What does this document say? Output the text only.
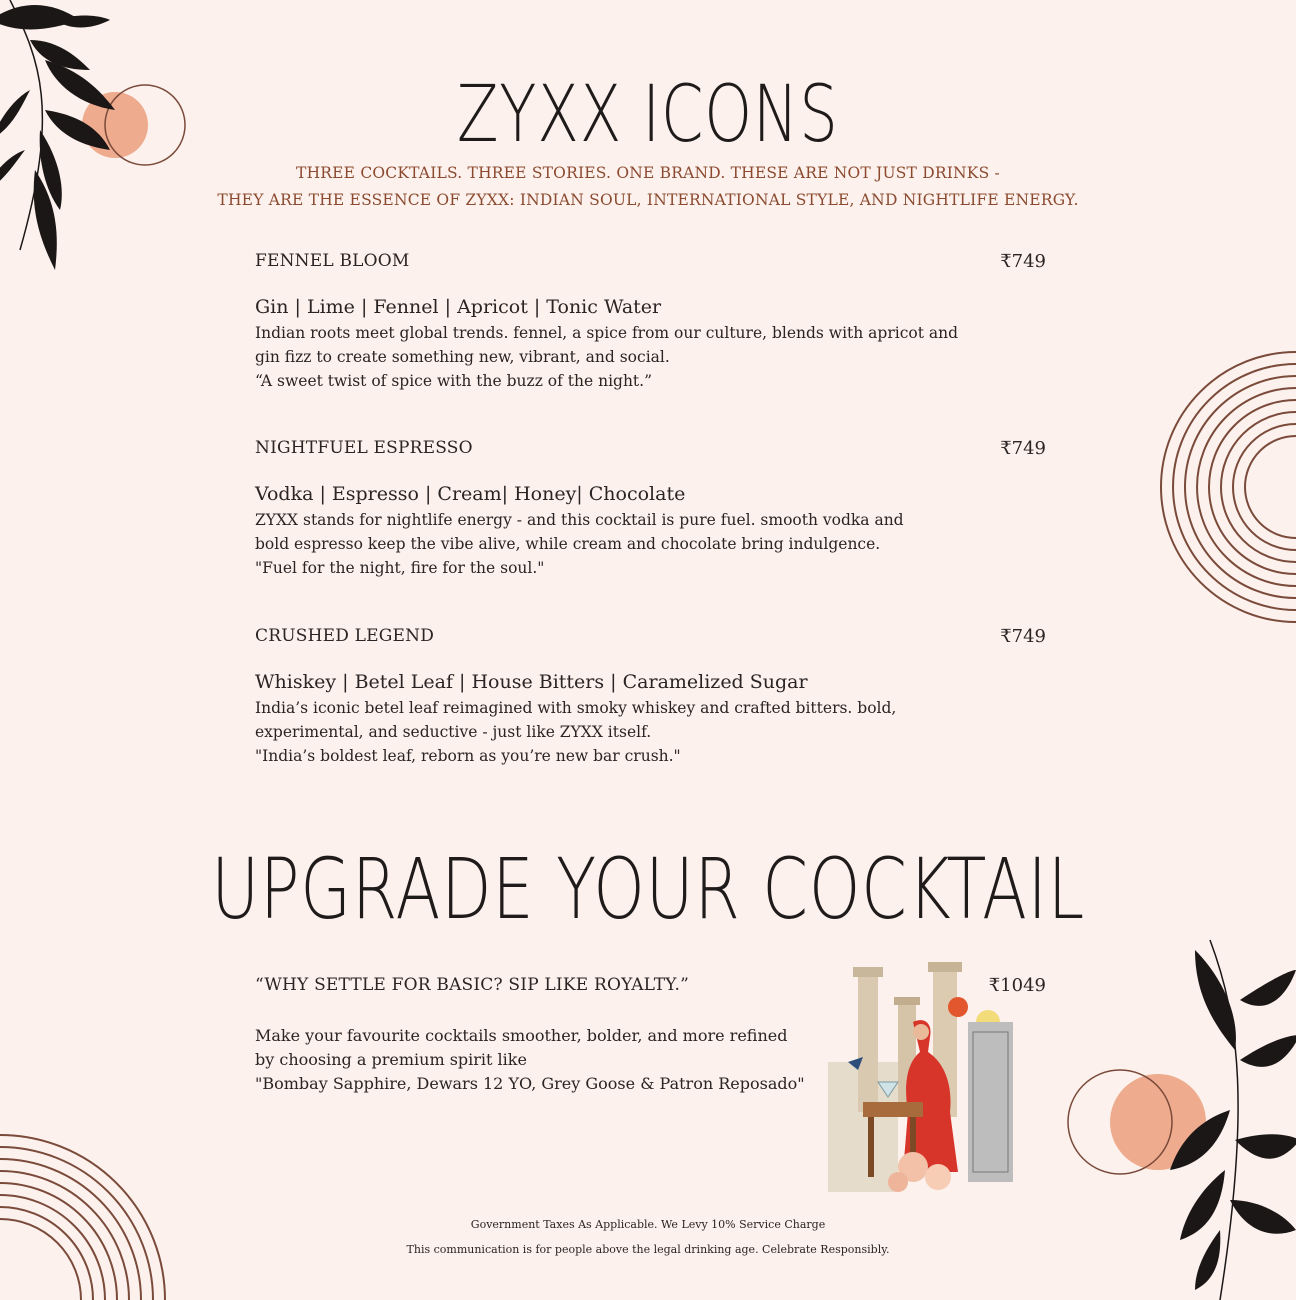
ZYXX ICONS
THREE COCKTAILS. THREE STORIES. ONE BRAND. THESE ARE NOT JUST DRINKS -
THEY ARE THE ESSENCE OF ZYXX: INDIAN SOUL, INTERNATIONAL STYLE, AND NIGHTLIFE ENERGY.
FENNEL BLOOM	₹749
Gin | Lime | Fennel | Apricot | Tonic Water
Indian roots meet global trends. fennel, a spice from our culture, blends with apricot and
gin fizz to create something new, vibrant, and social.
“A sweet twist of spice with the buzz of the night.”
NIGHTFUEL ESPRESSO	₹749
Vodka | Espresso | Cream| Honey| Chocolate
ZYXX stands for nightlife energy - and this cocktail is pure fuel. smooth vodka and
bold espresso keep the vibe alive, while cream and chocolate bring indulgence.
"Fuel for the night, fire for the soul."
CRUSHED LEGEND	₹749
Whiskey | Betel Leaf | House Bitters | Caramelized Sugar
India’s iconic betel leaf reimagined with smoky whiskey and crafted bitters. bold,
experimental, and seductive - just like ZYXX itself.
"India’s boldest leaf, reborn as you’re new bar crush."
UPGRADE YOUR COCKTAIL
“WHY SETTLE FOR BASIC? SIP LIKE ROYALTY.”	₹1049
Make your favourite cocktails smoother, bolder, and more refined
by choosing a premium spirit like
"Bombay Sapphire, Dewars 12 YO, Grey Goose & Patron Reposado"
Government Taxes As Applicable. We Levy 10% Service Charge
This communication is for people above the legal drinking age. Celebrate Responsibly.
